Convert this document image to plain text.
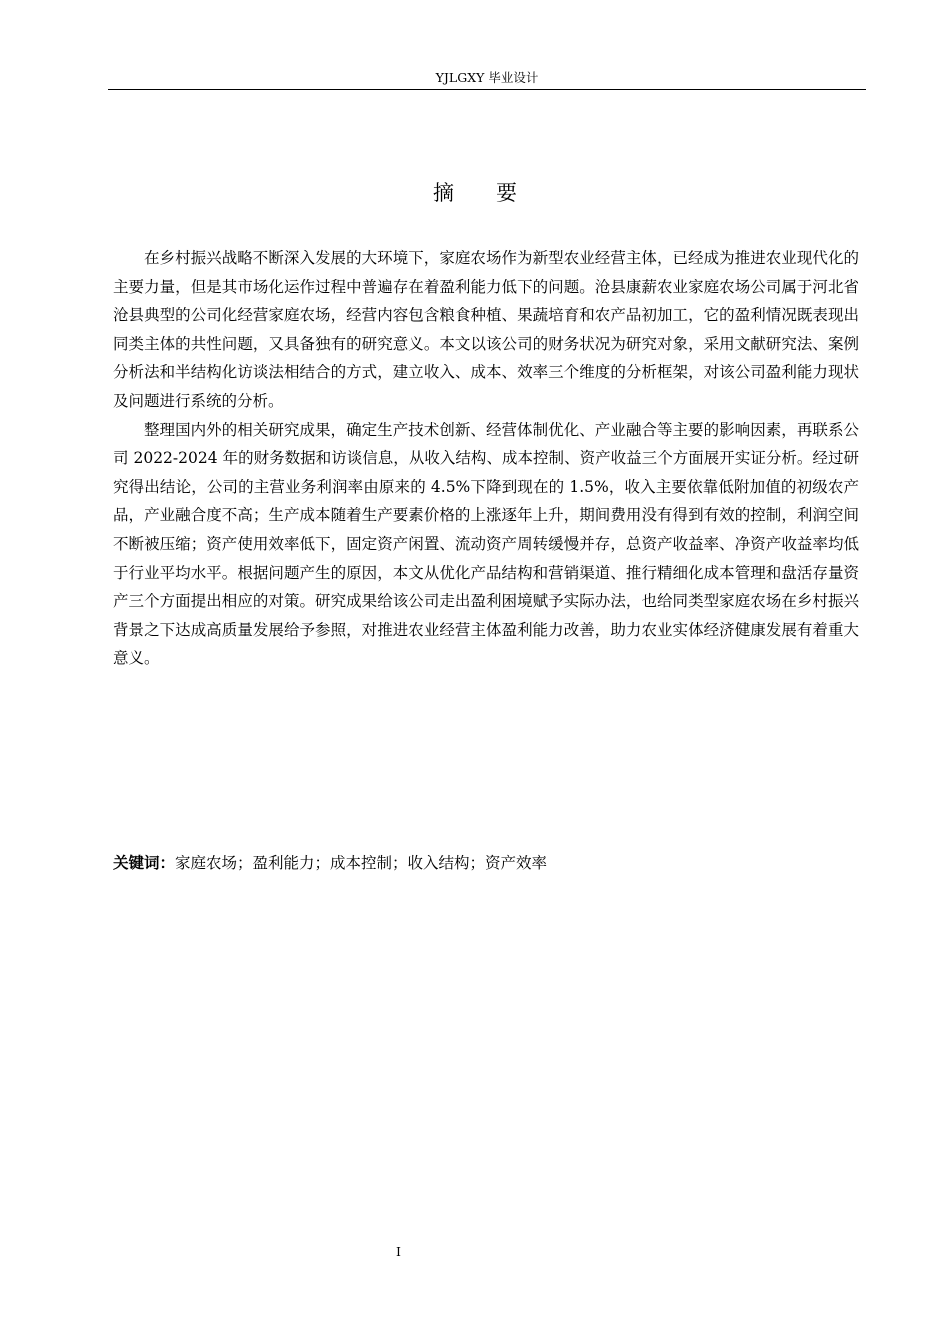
YJLGXY 毕业设计
摘要

在乡村振兴战略不断深入发展的大环境下，家庭农场作为新型农业经营主体，已经成为推进农业现代化的主要力量，但是其市场化运作过程中普遍存在着盈利能力低下的问题。沧县康薪农业家庭农场公司属于河北省沧县典型的公司化经营家庭农场，经营内容包含粮食种植、果蔬培育和农产品初加工，它的盈利情况既表现出同类主体的共性问题，又具备独有的研究意义。本文以该公司的财务状况为研究对象，采用文献研究法、案例分析法和半结构化访谈法相结合的方式，建立收入、成本、效率三个维度的分析框架，对该公司盈利能力现状及问题进行系统的分析。

整理国内外的相关研究成果，确定生产技术创新、经营体制优化、产业融合等主要的影响因素，再联系公司 2022-2024 年的财务数据和访谈信息，从收入结构、成本控制、资产收益三个方面展开实证分析。经过研究得出结论，公司的主营业务利润率由原来的 4.5%下降到现在的 1.5%，收入主要依靠低附加值的初级农产品，产业融合度不高；生产成本随着生产要素价格的上涨逐年上升，期间费用没有得到有效的控制，利润空间不断被压缩；资产使用效率低下，固定资产闲置、流动资产周转缓慢并存，总资产收益率、净资产收益率均低于行业平均水平。根据问题产生的原因，本文从优化产品结构和营销渠道、推行精细化成本管理和盘活存量资产三个方面提出相应的对策。研究成果给该公司走出盈利困境赋予实际办法，也给同类型家庭农场在乡村振兴背景之下达成高质量发展给予参照，对推进农业经营主体盈利能力改善，助力农业实体经济健康发展有着重大意义。

关键词：家庭农场；盈利能力；成本控制；收入结构；资产效率
I
